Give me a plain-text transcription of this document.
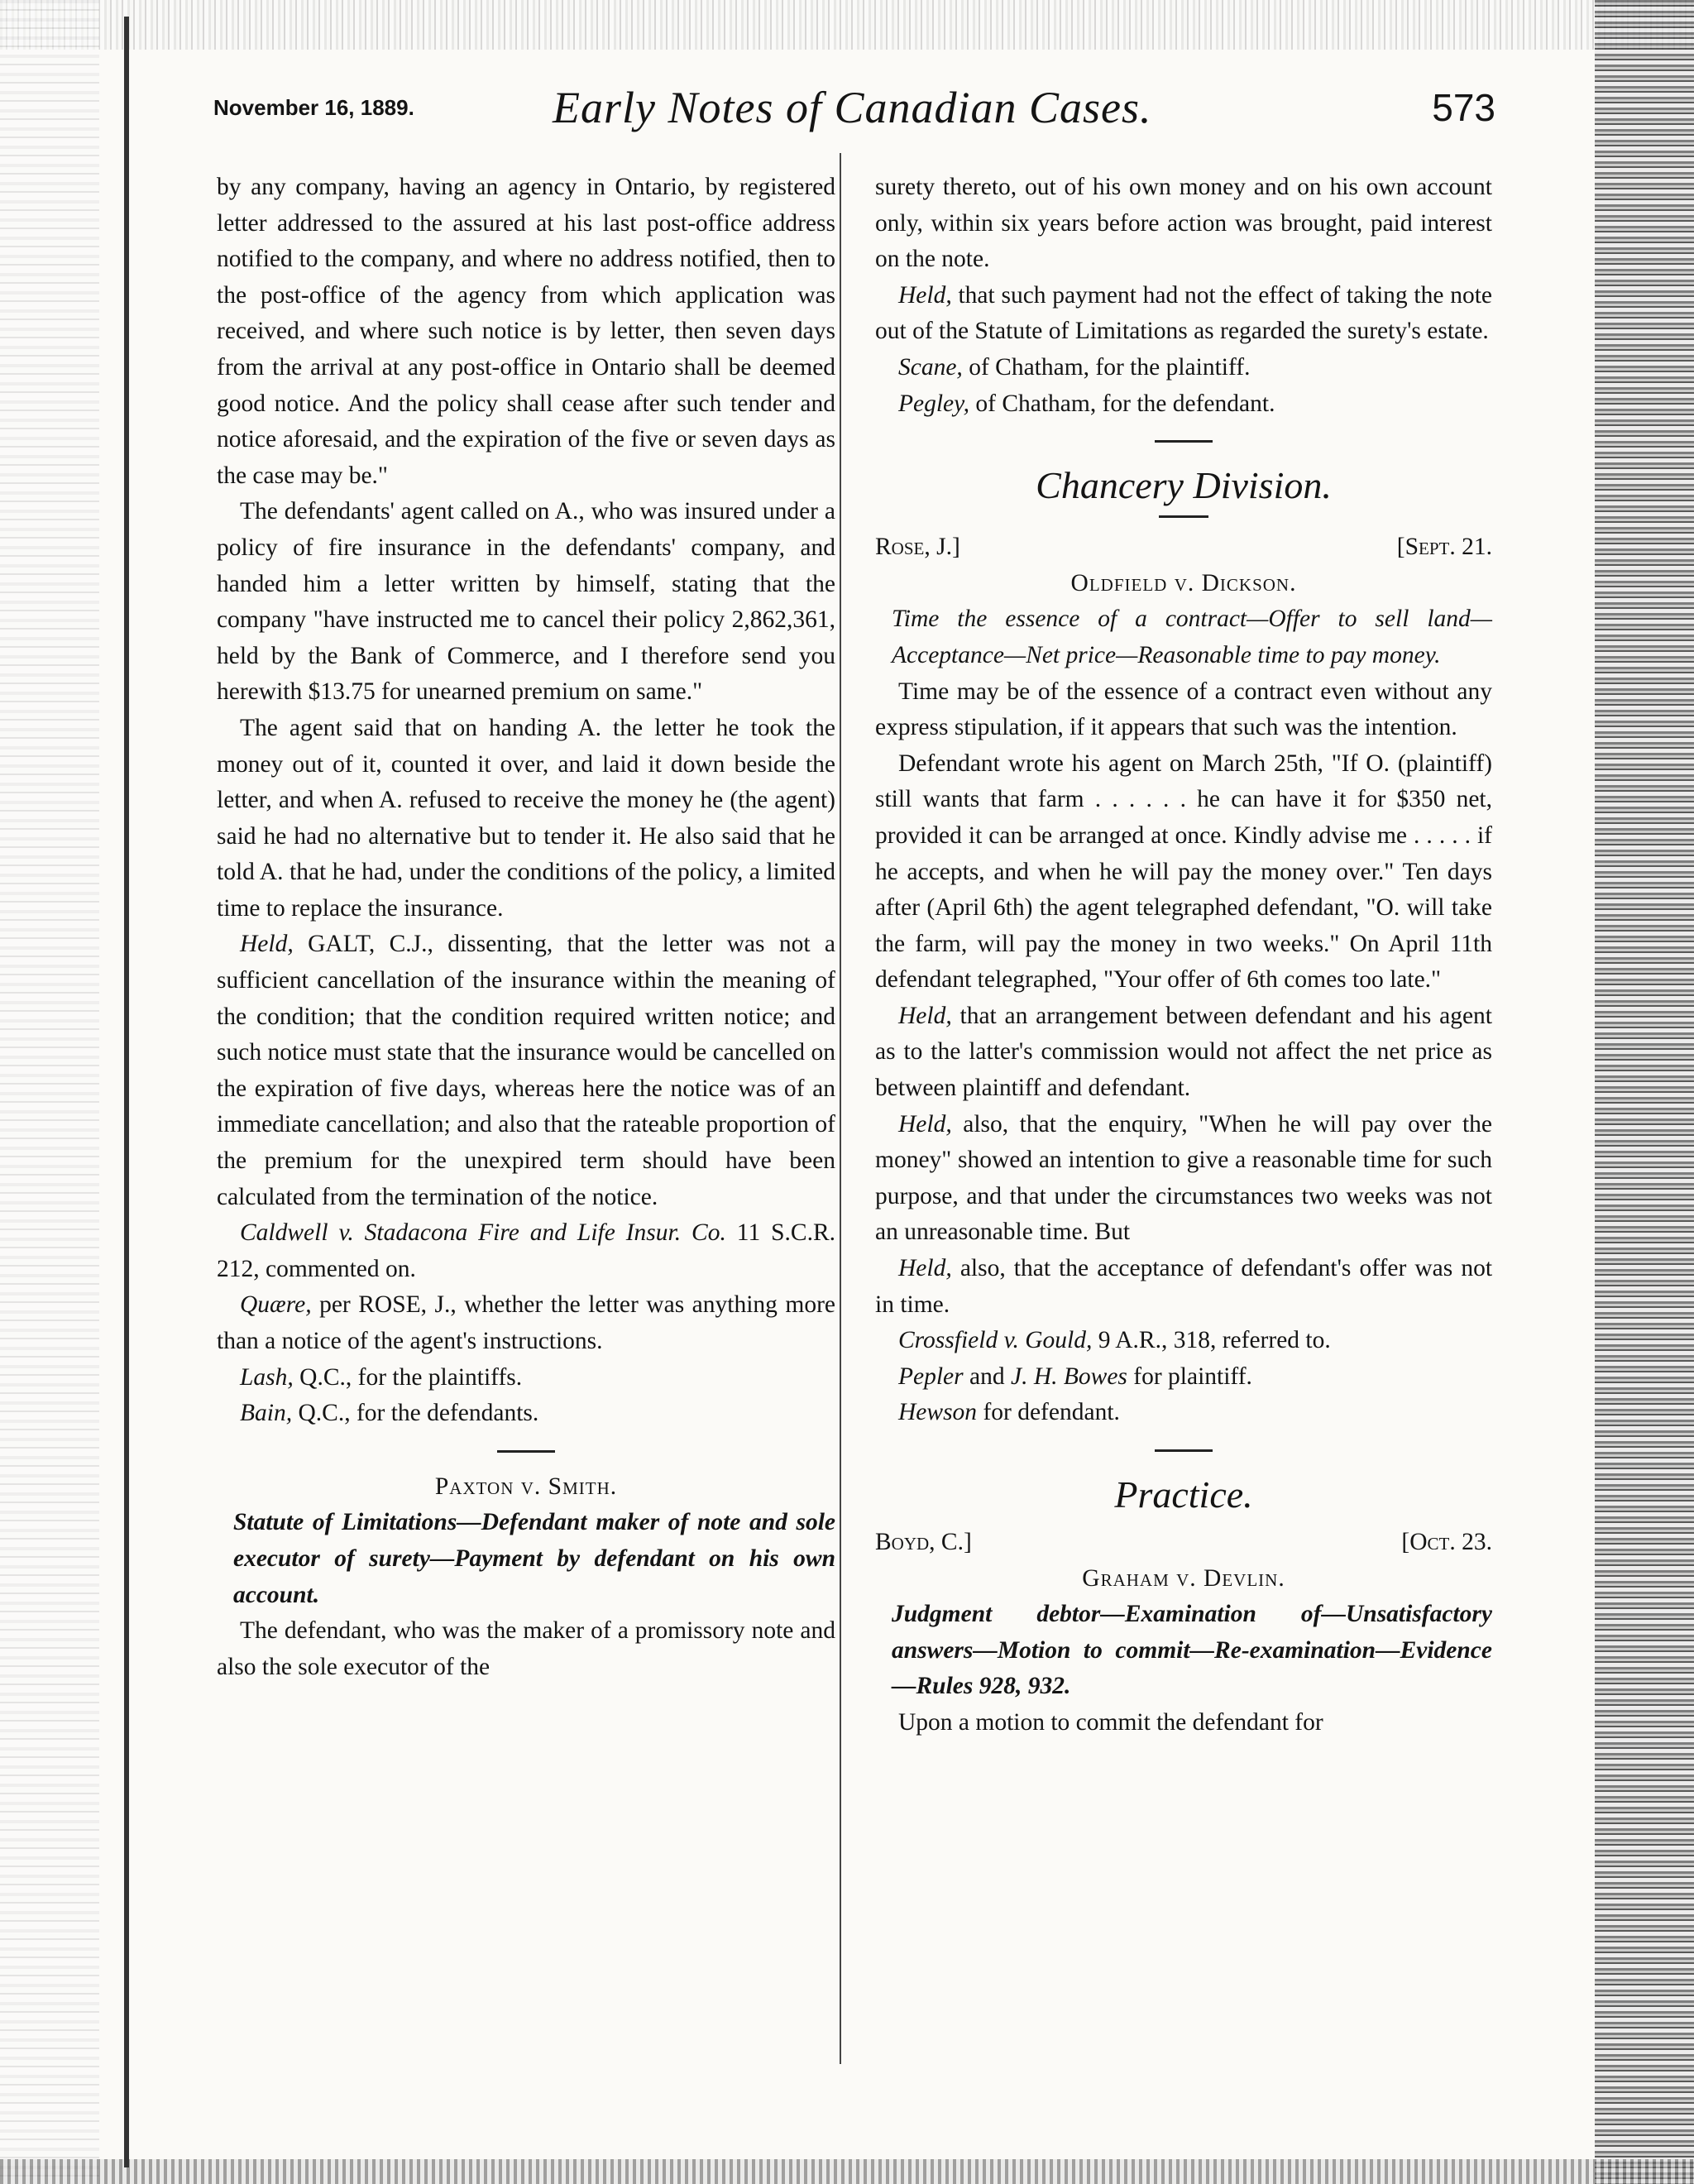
November 16, 1889.	Early Notes of Canadian Cases.	573

by any company, having an agency in Ontario, by registered letter addressed to the assured at his last post-office address notified to the company, and where no address notified, then to the post-office of the agency from which application was received, and where such notice is by letter, then seven days from the arrival at any post-office in Ontario shall be deemed good notice. And the policy shall cease after such tender and notice aforesaid, and the expiration of the five or seven days as the case may be."

The defendants' agent called on A., who was insured under a policy of fire insurance in the defendants' company, and handed him a letter written by himself, stating that the company "have instructed me to cancel their policy 2,862,361, held by the Bank of Commerce, and I therefore send you herewith $13.75 for unearned premium on same."

The agent said that on handing A. the letter he took the money out of it, counted it over, and laid it down beside the letter, and when A. refused to receive the money he (the agent) said he had no alternative but to tender it. He also said that he told A. that he had, under the conditions of the policy, a limited time to replace the insurance.

Held, GALT, C.J., dissenting, that the letter was not a sufficient cancellation of the insurance within the meaning of the condition; that the condition required written notice; and such notice must state that the insurance would be cancelled on the expiration of five days, whereas here the notice was of an immediate cancellation; and also that the rateable proportion of the premium for the unexpired term should have been calculated from the termination of the notice.

Caldwell v. Stadacona Fire and Life Insur. Co. 11 S.C.R. 212, commented on.

Quære, per ROSE, J., whether the letter was anything more than a notice of the agent's instructions.

Lash, Q.C., for the plaintiffs.

Bain, Q.C., for the defendants.

Paxton v. Smith.

Statute of Limitations—Defendant maker of note and sole executor of surety—Payment by defendant on his own account.

The defendant, who was the maker of a promissory note and also the sole executor of the

surety thereto, out of his own money and on his own account only, within six years before action was brought, paid interest on the note.

Held, that such payment had not the effect of taking the note out of the Statute of Limitations as regarded the surety's estate.

Scane, of Chatham, for the plaintiff.

Pegley, of Chatham, for the defendant.

Chancery Division.

Rose, J.]	[Sept. 21.

Oldfield v. Dickson.

Time the essence of a contract—Offer to sell land—Acceptance—Net price—Reasonable time to pay money.

Time may be of the essence of a contract even without any express stipulation, if it appears that such was the intention.

Defendant wrote his agent on March 25th, "If O. (plaintiff) still wants that farm . . . . . . he can have it for $350 net, provided it can be arranged at once. Kindly advise me . . . . . if he accepts, and when he will pay the money over." Ten days after (April 6th) the agent telegraphed defendant, "O. will take the farm, will pay the money in two weeks." On April 11th defendant telegraphed, "Your offer of 6th comes too late."

Held, that an arrangement between defendant and his agent as to the latter's commission would not affect the net price as between plaintiff and defendant.

Held, also, that the enquiry, "When he will pay over the money" showed an intention to give a reasonable time for such purpose, and that under the circumstances two weeks was not an unreasonable time. But

Held, also, that the acceptance of defendant's offer was not in time.

Crossfield v. Gould, 9 A.R., 318, referred to.

Pepler and J. H. Bowes for plaintiff.

Hewson for defendant.

Practice.

Boyd, C.]	[Oct. 23.

Graham v. Devlin.

Judgment debtor—Examination of—Unsatisfactory answers—Motion to commit—Re-examination—Evidence—Rules 928, 932.

Upon a motion to commit the defendant for
